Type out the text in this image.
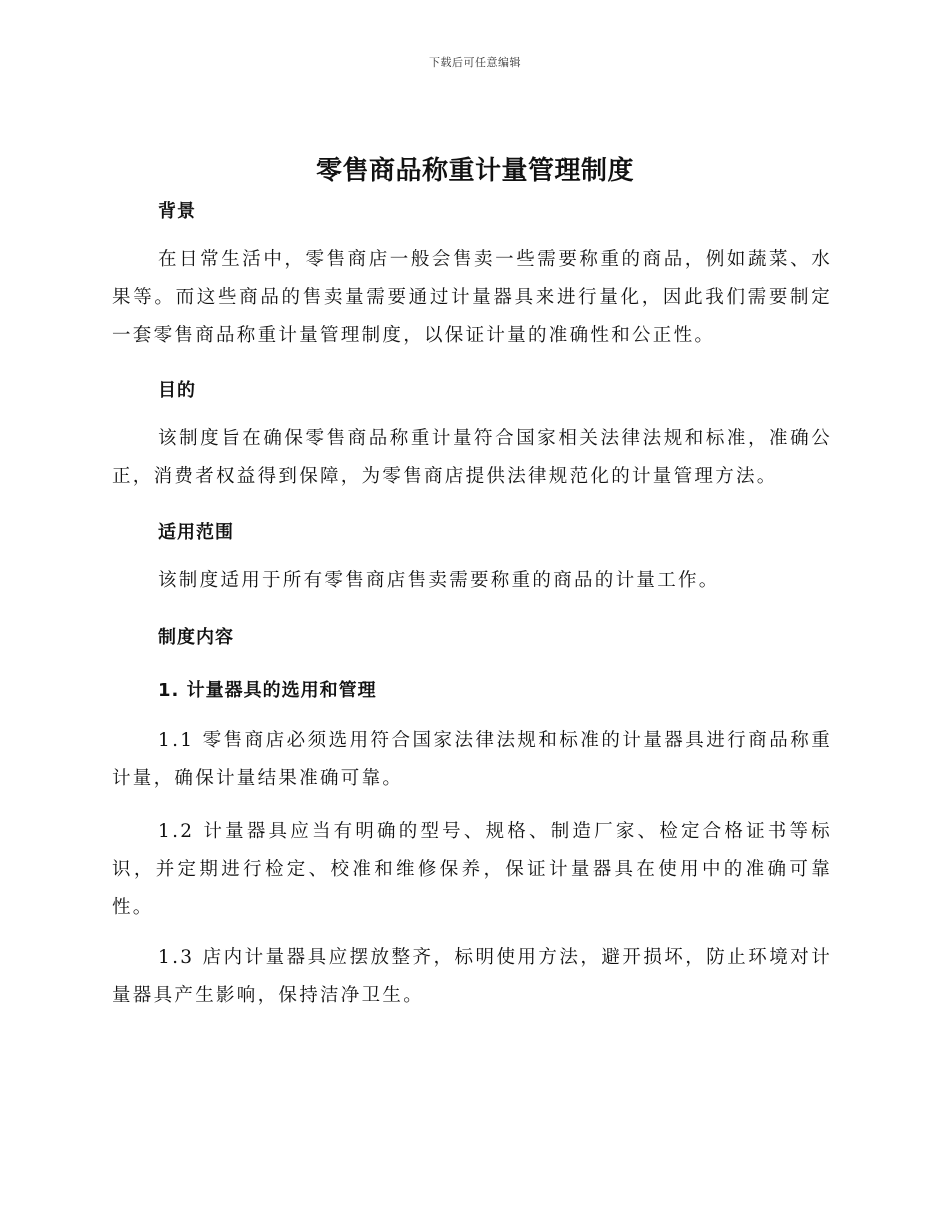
下载后可任意编辑
零售商品称重计量管理制度
背景
在日常生活中，零售商店一般会售卖一些需要称重的商品，例如蔬菜、水果等。而这些商品的售卖量需要通过计量器具来进行量化，因此我们需要制定一套零售商品称重计量管理制度，以保证计量的准确性和公正性。
目的
该制度旨在确保零售商品称重计量符合国家相关法律法规和标准，准确公正，消费者权益得到保障，为零售商店提供法律规范化的计量管理方法。
适用范围
该制度适用于所有零售商店售卖需要称重的商品的计量工作。
制度内容
1. 计量器具的选用和管理
1.1 零售商店必须选用符合国家法律法规和标准的计量器具进行商品称重计量，确保计量结果准确可靠。
1.2 计量器具应当有明确的型号、规格、制造厂家、检定合格证书等标识，并定期进行检定、校准和维修保养，保证计量器具在使用中的准确可靠性。
1.3 店内计量器具应摆放整齐，标明使用方法，避开损坏，防止环境对计量器具产生影响，保持洁净卫生。
